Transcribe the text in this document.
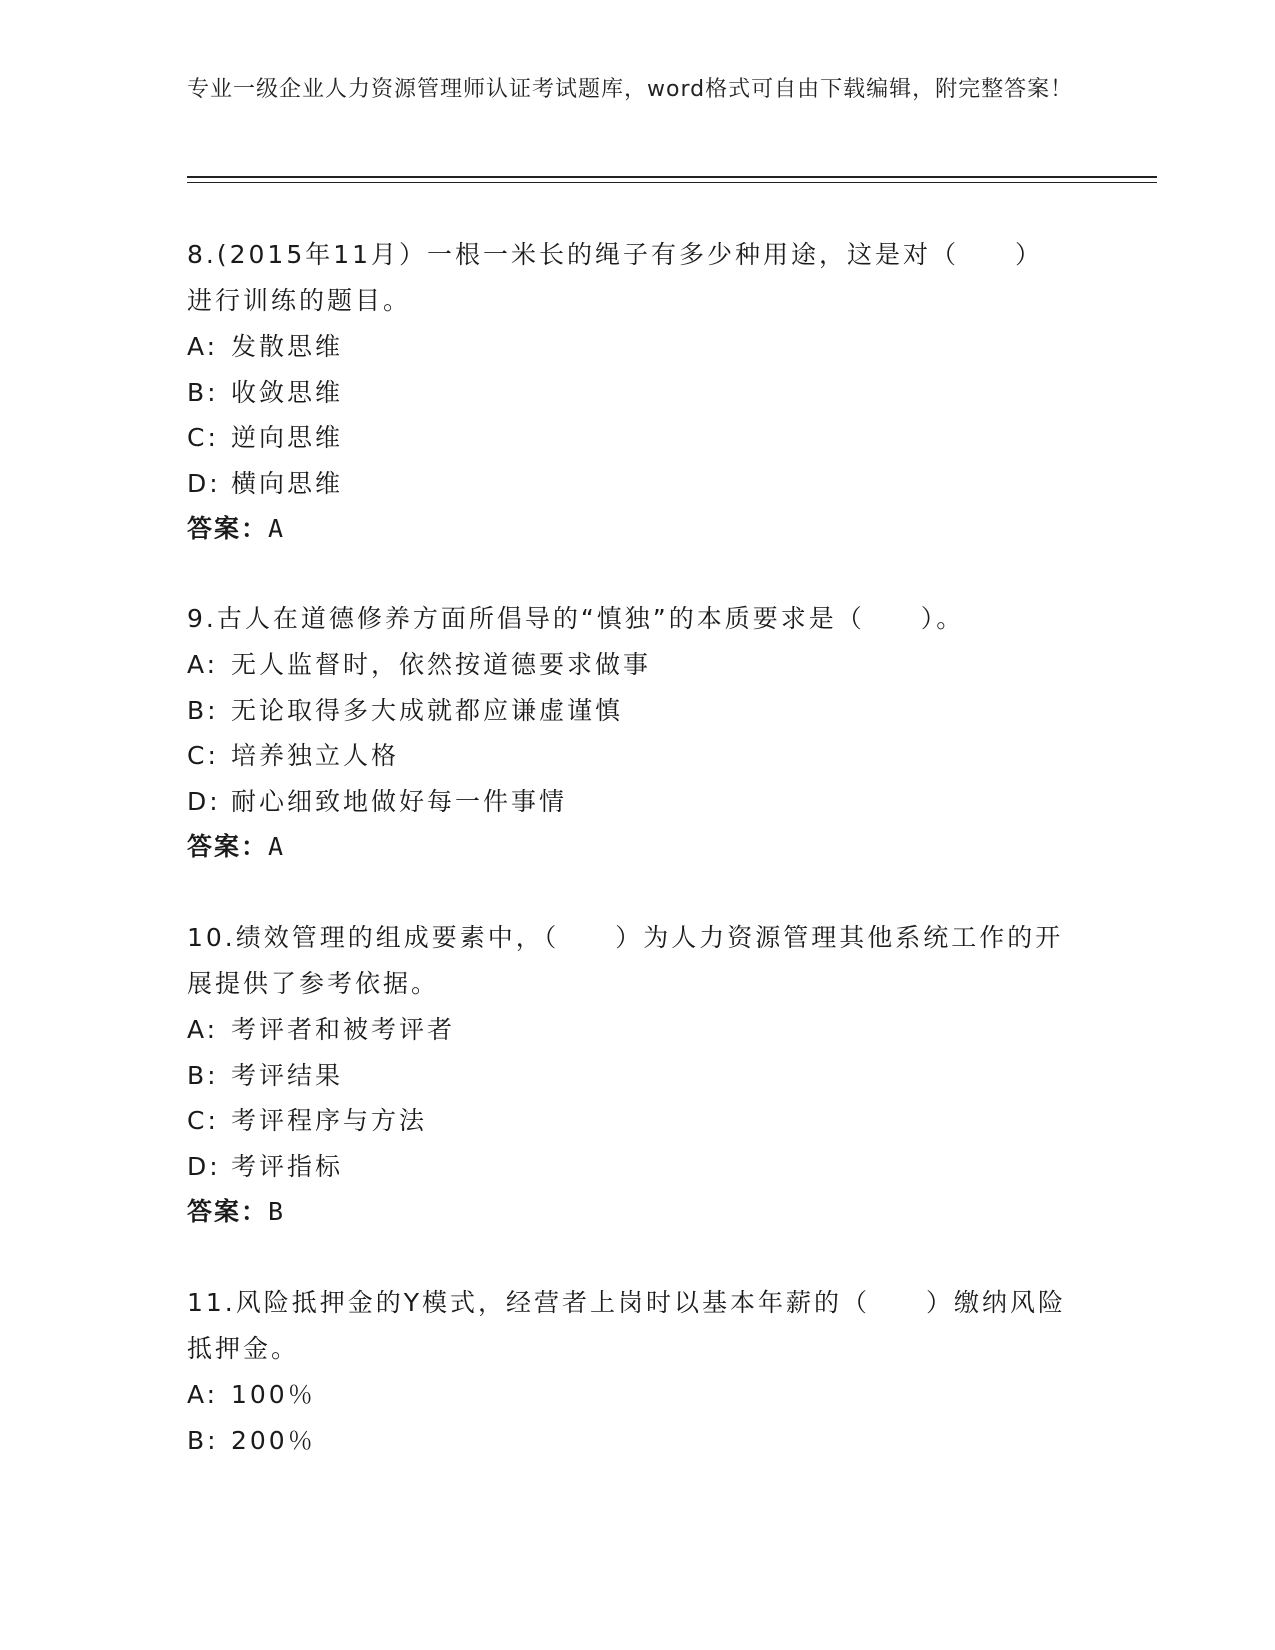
专业一级企业人力资源管理师认证考试题库，word格式可自由下载编辑，附完整答案！

8.(2015年11月）一根一米长的绳子有多少种用途，这是对（　　）进行训练的题目。

A: 发散思维

B: 收敛思维

C: 逆向思维

D: 横向思维

答案：A

9.古人在道德修养方面所倡导的“慎独”的本质要求是（　　）。

A: 无人监督时，依然按道德要求做事

B: 无论取得多大成就都应谦虚谨慎

C: 培养独立人格

D: 耐心细致地做好每一件事情

答案：A

10.绩效管理的组成要素中，（　　）为人力资源管理其他系统工作的开展提供了参考依据。

A: 考评者和被考评者

B: 考评结果

C: 考评程序与方法

D: 考评指标

答案：B

11.风险抵押金的Y模式，经营者上岗时以基本年薪的（　　）缴纳风险抵押金。

A: 100％

B: 200％
